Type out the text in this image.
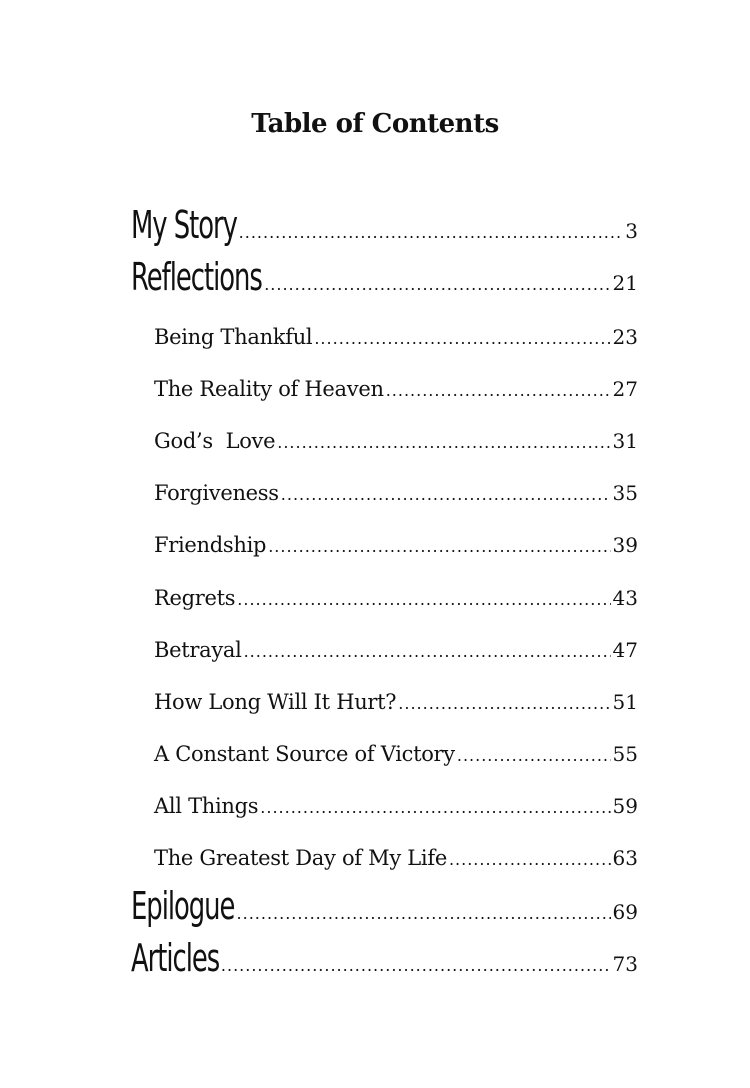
Table of Contents
My Story .....	3
Reflections .....	21
Being Thankful .....	23
The Reality of Heaven .....	27
God’s  Love .....	31
Forgiveness .....	35
Friendship .....	39
Regrets .....	43
Betrayal .....	47
How Long Will It Hurt? .....	51
A Constant Source of Victory .....	55
All Things .....	59
The Greatest Day of My Life .....	63
Epilogue .....	69
Articles .....	73
